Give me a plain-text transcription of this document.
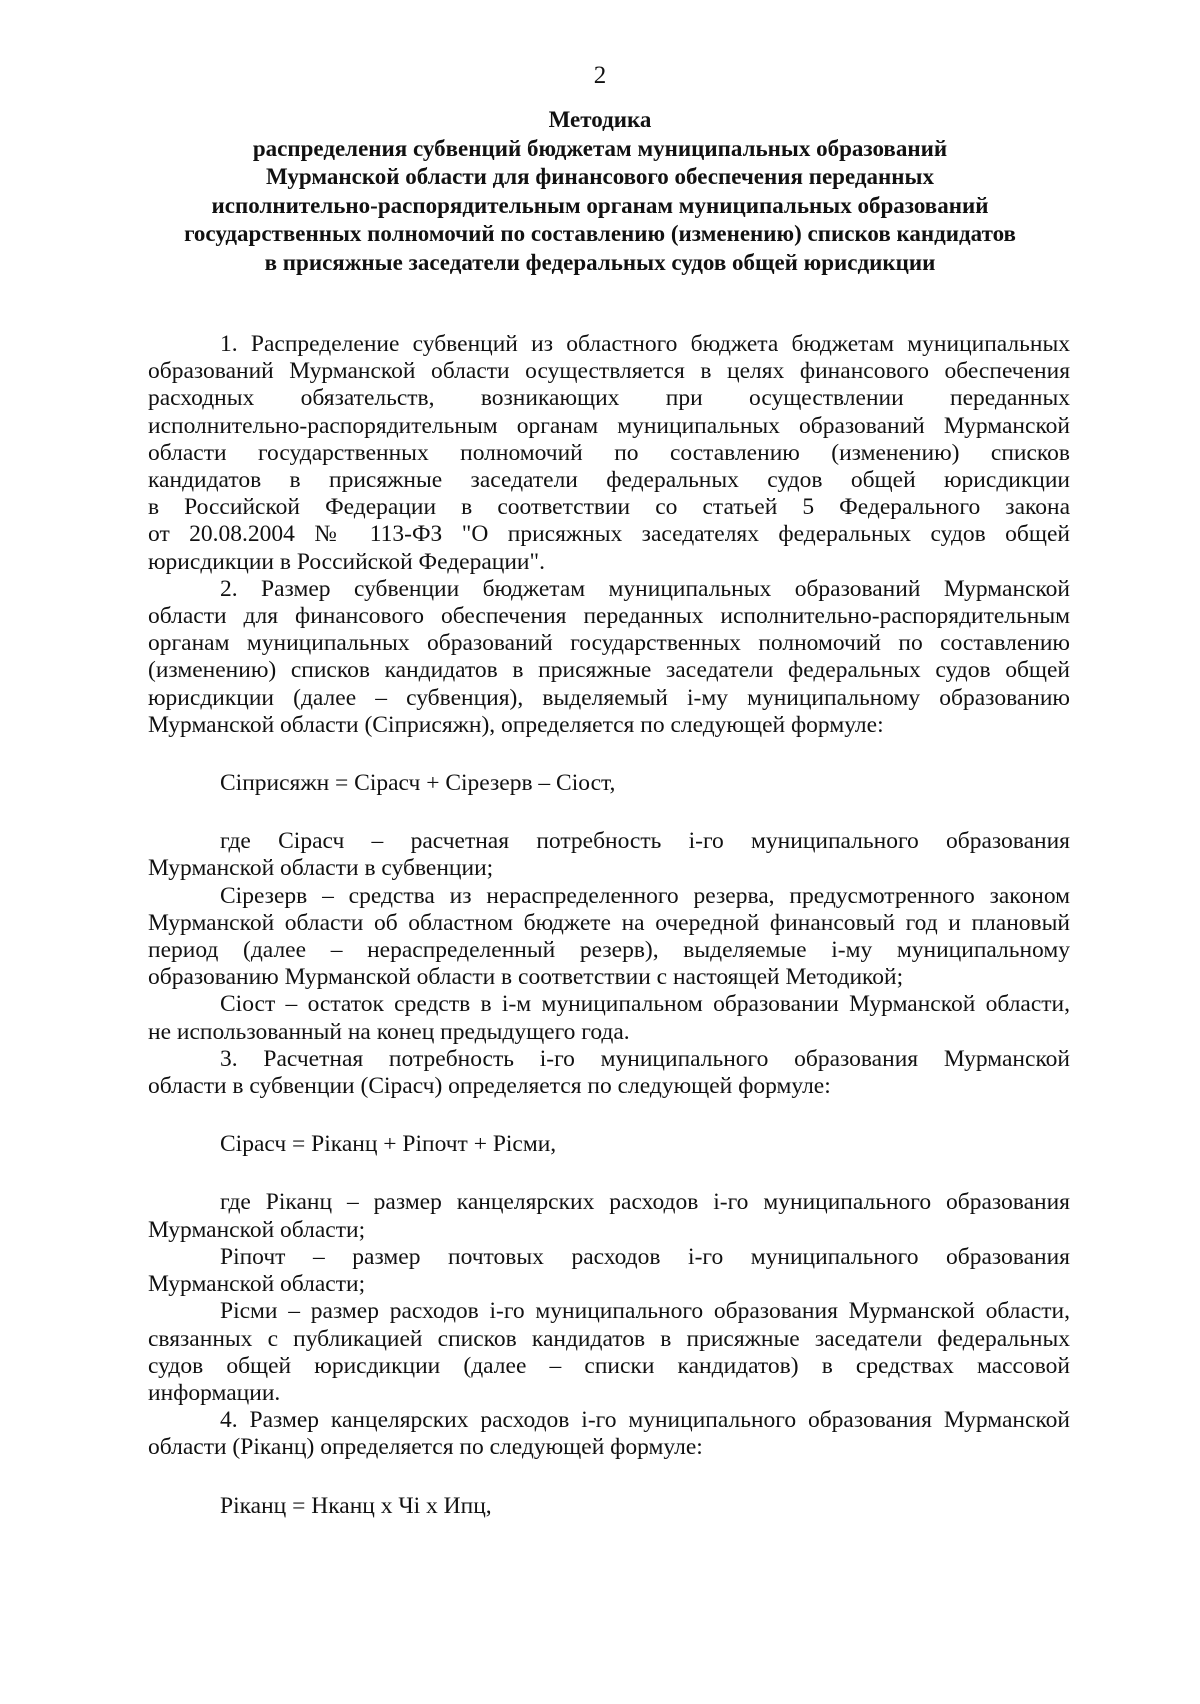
2
Методика
распределения субвенций бюджетам муниципальных образований
Мурманской области для финансового обеспечения переданных
исполнительно-распорядительным органам муниципальных образований
государственных полномочий по составлению (изменению) списков кандидатов
в присяжные заседатели федеральных судов общей юрисдикции
1. Распределение субвенций из областного бюджета бюджетам муниципальных
образований Мурманской области осуществляется в целях финансового обеспечения
расходных обязательств, возникающих при осуществлении переданных
исполнительно-распорядительным органам муниципальных образований Мурманской
области государственных полномочий по составлению (изменению) списков
кандидатов в присяжные заседатели федеральных судов общей юрисдикции
в Российской Федерации в соответствии со статьей 5 Федерального закона
от 20.08.2004 № 113-ФЗ "О присяжных заседателях федеральных судов общей
юрисдикции в Российской Федерации".
2. Размер субвенции бюджетам муниципальных образований Мурманской
области для финансового обеспечения переданных исполнительно-распорядительным
органам муниципальных образований государственных полномочий по составлению
(изменению) списков кандидатов в присяжные заседатели федеральных судов общей
юрисдикции (далее – субвенция), выделяемый i-му муниципальному образованию
Мурманской области (Сiприсяжн), определяется по следующей формуле:
Сiприсяжн = Сiрасч + Сiрезерв – Сiост,
где Сiрасч – расчетная потребность i-го муниципального образования
Мурманской области в субвенции;
Сiрезерв – средства из нераспределенного резерва, предусмотренного законом
Мурманской области об областном бюджете на очередной финансовый год и плановый
период (далее – нераспределенный резерв), выделяемые i-му муниципальному
образованию Мурманской области в соответствии с настоящей Методикой;
Сiост – остаток средств в i-м муниципальном образовании Мурманской области,
не использованный на конец предыдущего года.
3. Расчетная потребность i-го муниципального образования Мурманской
области в субвенции (Сiрасч) определяется по следующей формуле:
Сiрасч = Рiканц + Рiпочт + Рiсми,
где Рiканц – размер канцелярских расходов i-го муниципального образования
Мурманской области;
Рiпочт – размер почтовых расходов i-го муниципального образования
Мурманской области;
Рiсми – размер расходов i-го муниципального образования Мурманской области,
связанных с публикацией списков кандидатов в присяжные заседатели федеральных
судов общей юрисдикции (далее – списки кандидатов) в средствах массовой
информации.
4. Размер канцелярских расходов i-го муниципального образования Мурманской
области (Рiканц) определяется по следующей формуле:
Рiканц = Нканц х Чi х Ипц,
